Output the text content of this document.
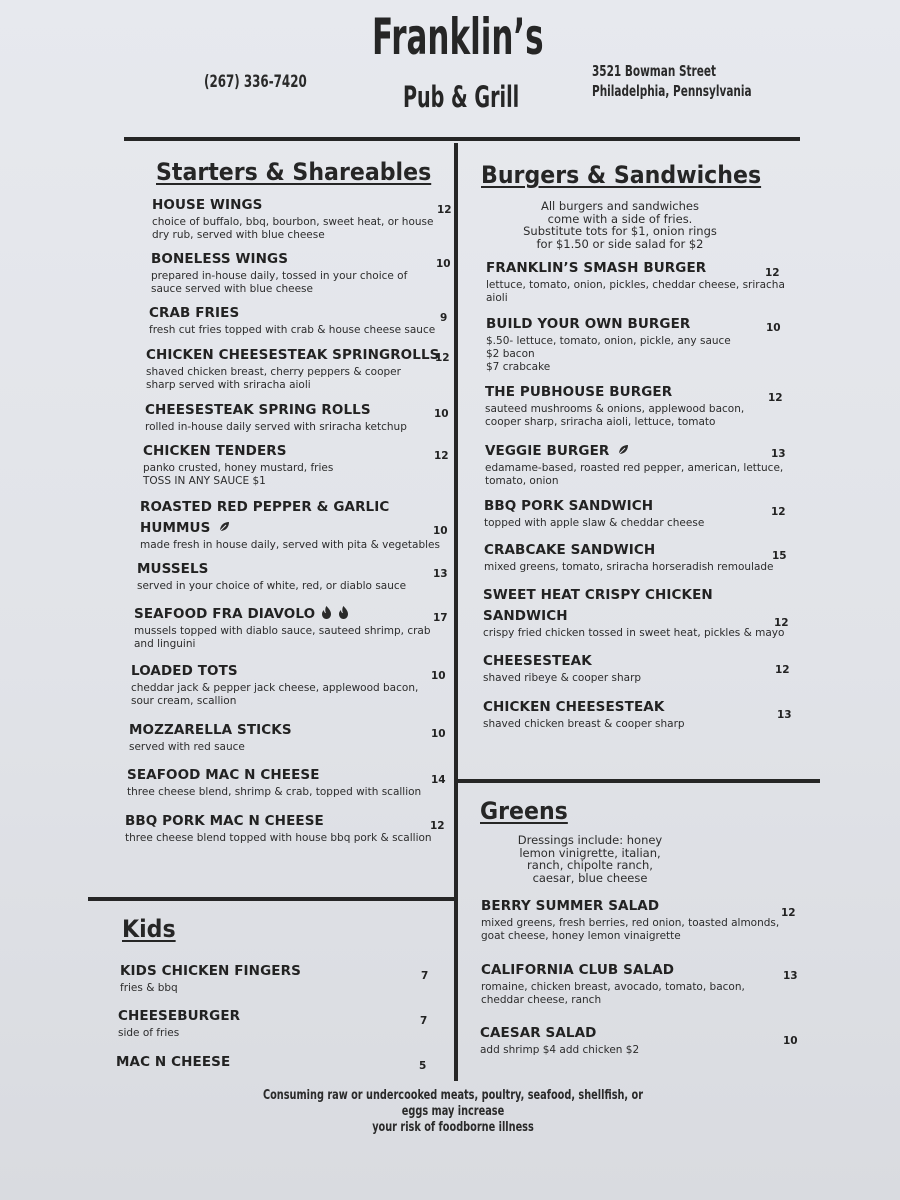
Franklin’s
Pub & Grill
(267) 336-7420
3521 Bowman Street
Philadelphia, Pennsylvania
Starters & Shareables
HOUSE WINGS
choice of buffalo, bbq, bourbon, sweet heat, or house dry rub, served with blue cheese
12
BONELESS WINGS
prepared in-house daily, tossed in your choice of sauce served with blue cheese
10
CRAB FRIES
fresh cut fries topped with crab & house cheese sauce
9
CHICKEN CHEESESTEAK SPRINGROLLS
shaved chicken breast, cherry peppers & cooper sharp served with sriracha aioli
12
CHEESESTEAK SPRING ROLLS
rolled in-house daily served with sriracha ketchup
10
CHICKEN TENDERS
panko crusted, honey mustard, fries
TOSS IN ANY SAUCE $1
12
ROASTED RED PEPPER & GARLIC
HUMMUS
made fresh in house daily, served with pita & vegetables
10
MUSSELS
served in your choice of white, red, or diablo sauce
13
SEAFOOD FRA DIAVOLO
mussels topped with diablo sauce, sauteed shrimp, crab and linguini
17
LOADED TOTS
cheddar jack & pepper jack cheese, applewood bacon, sour cream, scallion
10
MOZZARELLA STICKS
served with red sauce
10
SEAFOOD MAC N CHEESE
three cheese blend, shrimp & crab, topped with scallion
14
BBQ PORK MAC N CHEESE
three cheese blend topped with house bbq pork & scallion
12
Kids
KIDS CHICKEN FINGERS
fries & bbq
7
CHEESEBURGER
side of fries
7
MAC N CHEESE	5
Burgers & Sandwiches
All burgers and sandwiches
come with a side of fries.
Substitute tots for $1, onion rings
for $1.50 or side salad for $2
FRANKLIN’S SMASH BURGER
lettuce, tomato, onion, pickles, cheddar cheese, sriracha aioli
12
BUILD YOUR OWN BURGER
$.50- lettuce, tomato, onion, pickle, any sauce
$2 bacon
$7 crabcake
10
THE PUBHOUSE BURGER
sauteed mushrooms & onions, applewood bacon, cooper sharp, sriracha aioli, lettuce, tomato
12
VEGGIE BURGER
edamame-based, roasted red pepper, american, lettuce, tomato, onion
13
BBQ PORK SANDWICH
topped with apple slaw & cheddar cheese
12
CRABCAKE SANDWICH
mixed greens, tomato, sriracha horseradish remoulade
15
SWEET HEAT CRISPY CHICKEN
SANDWICH
crispy fried chicken tossed in sweet heat, pickles & mayo
12
CHEESESTEAK
shaved ribeye & cooper sharp
12
CHICKEN CHEESESTEAK
shaved chicken breast & cooper sharp
13
Greens
Dressings include: honey
lemon vinigrette, italian,
ranch, chipolte ranch,
caesar, blue cheese
BERRY SUMMER SALAD
mixed greens, fresh berries, red onion, toasted almonds, goat cheese, honey lemon vinaigrette
12
CALIFORNIA CLUB SALAD
romaine, chicken breast, avocado, tomato, bacon, cheddar cheese, ranch
13
CAESAR SALAD
add shrimp $4 add chicken $2
10
Consuming raw or undercooked meats, poultry, seafood, shellfish, or eggs may increase
your risk of foodborne illness
